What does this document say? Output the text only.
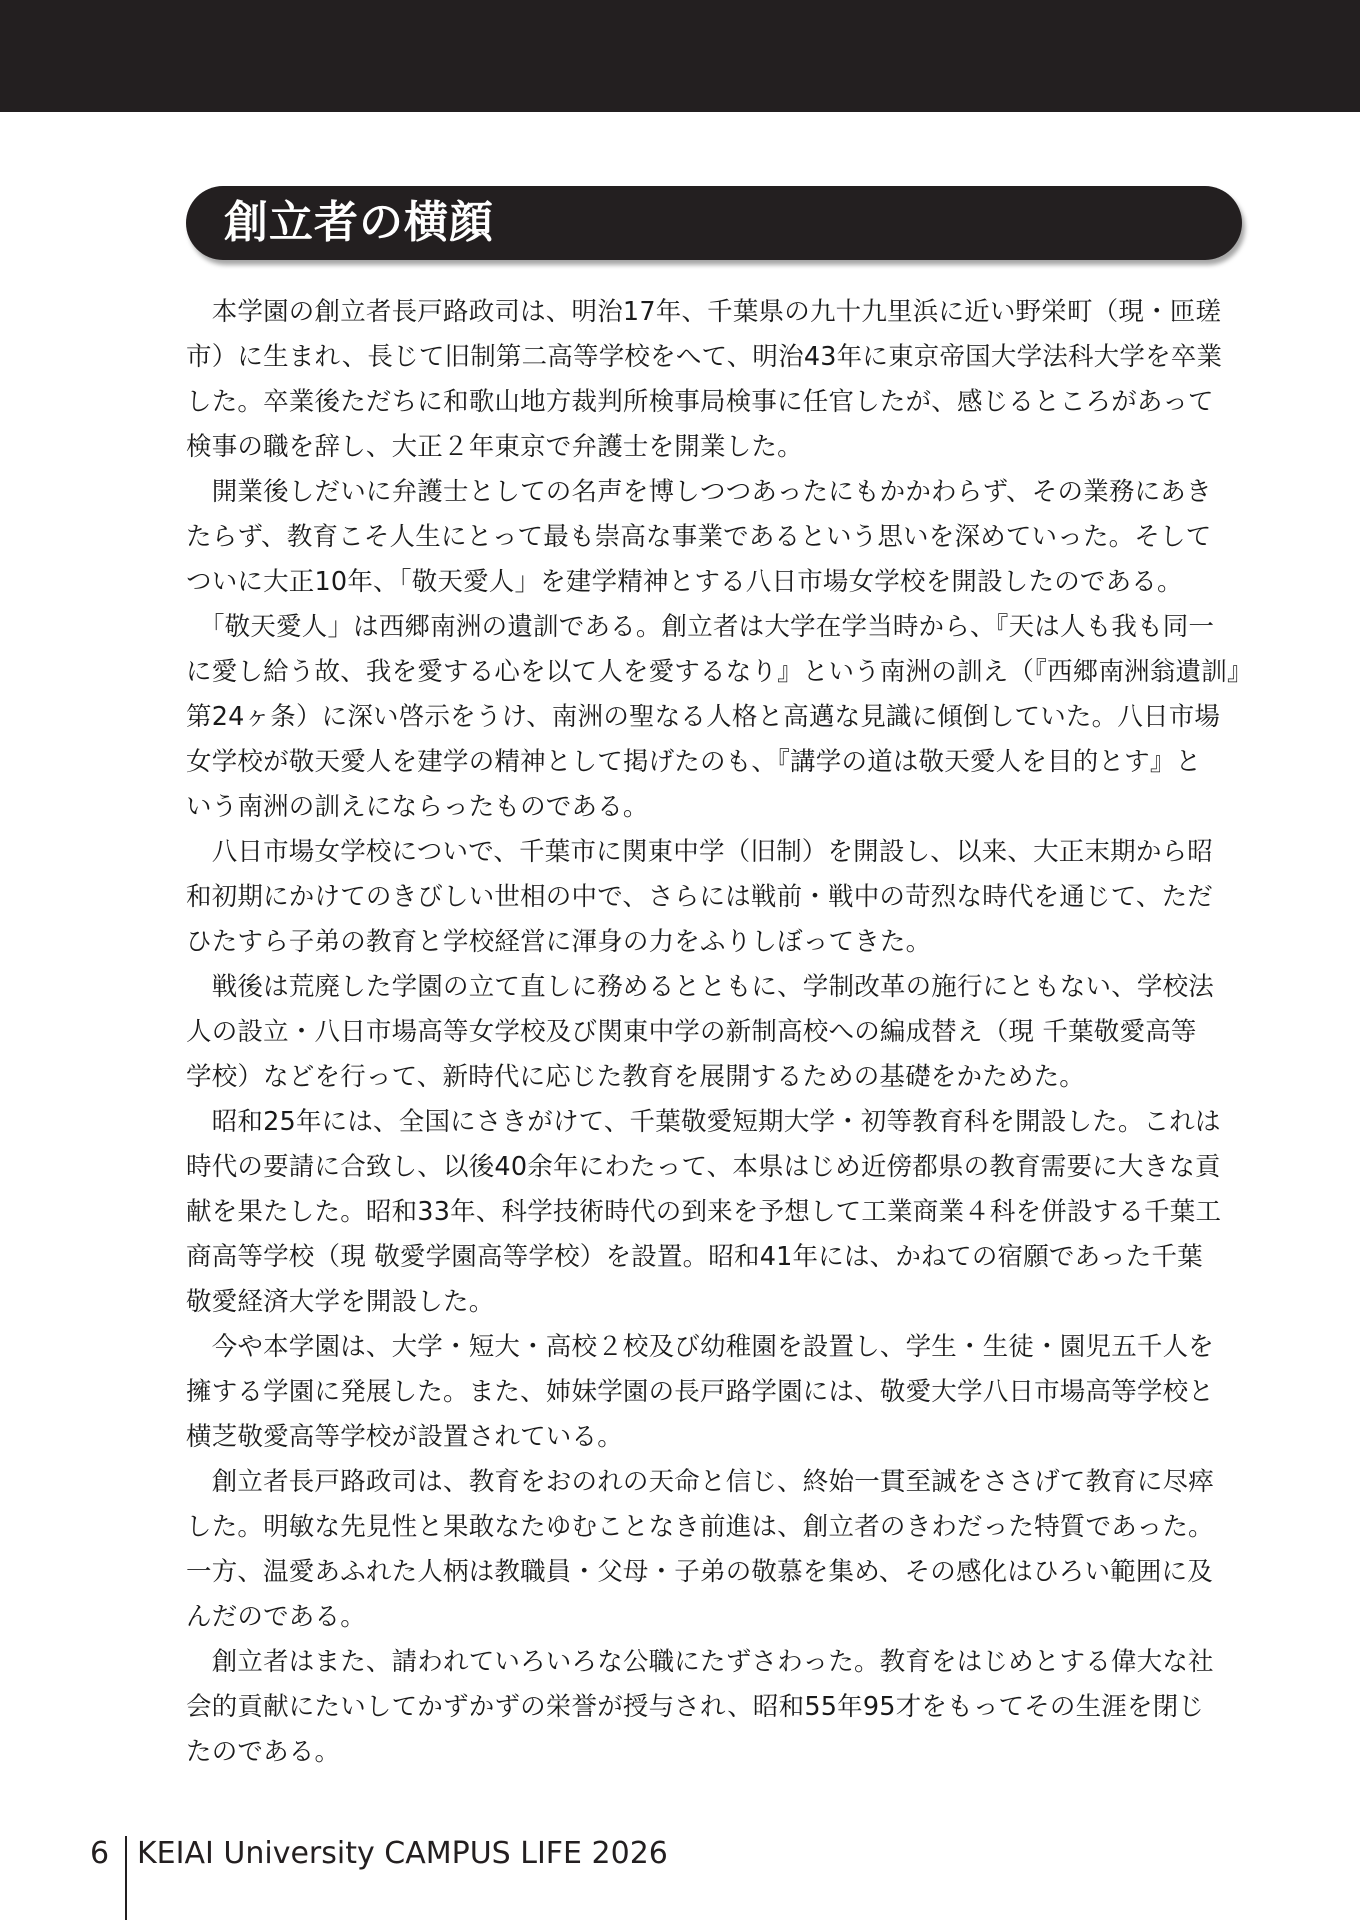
創立者の横顔
　本学園の創立者長戸路政司は、明治17年、千葉県の九十九里浜に近い野栄町（現・匝瑳
市）に生まれ、長じて旧制第二高等学校をへて、明治43年に東京帝国大学法科大学を卒業
した。卒業後ただちに和歌山地方裁判所検事局検事に任官したが、感じるところがあって
検事の職を辞し、大正２年東京で弁護士を開業した。
　開業後しだいに弁護士としての名声を博しつつあったにもかかわらず、その業務にあき
たらず、教育こそ人生にとって最も崇高な事業であるという思いを深めていった。そして
ついに大正10年、「敬天愛人」を建学精神とする八日市場女学校を開設したのである。
　「敬天愛人」は西郷南洲の遺訓である。創立者は大学在学当時から、『天は人も我も同一
に愛し給う故、我を愛する心を以て人を愛するなり』という南洲の訓え（『西郷南洲翁遺訓』
第24ヶ条）に深い啓示をうけ、南洲の聖なる人格と高邁な見識に傾倒していた。八日市場
女学校が敬天愛人を建学の精神として掲げたのも、『講学の道は敬天愛人を目的とす』と
いう南洲の訓えにならったものである。
　八日市場女学校についで、千葉市に関東中学（旧制）を開設し、以来、大正末期から昭
和初期にかけてのきびしい世相の中で、さらには戦前・戦中の苛烈な時代を通じて、ただ
ひたすら子弟の教育と学校経営に渾身の力をふりしぼってきた。
　戦後は荒廃した学園の立て直しに務めるとともに、学制改革の施行にともない、学校法
人の設立・八日市場高等女学校及び関東中学の新制高校への編成替え（現 千葉敬愛高等
学校）などを行って、新時代に応じた教育を展開するための基礎をかためた。
　昭和25年には、全国にさきがけて、千葉敬愛短期大学・初等教育科を開設した。これは
時代の要請に合致し、以後40余年にわたって、本県はじめ近傍都県の教育需要に大きな貢
献を果たした。昭和33年、科学技術時代の到来を予想して工業商業４科を併設する千葉工
商高等学校（現 敬愛学園高等学校）を設置。昭和41年には、かねての宿願であった千葉
敬愛経済大学を開設した。
　今や本学園は、大学・短大・高校２校及び幼稚園を設置し、学生・生徒・園児五千人を
擁する学園に発展した。また、姉妹学園の長戸路学園には、敬愛大学八日市場高等学校と
横芝敬愛高等学校が設置されている。
　創立者長戸路政司は、教育をおのれの天命と信じ、終始一貫至誠をささげて教育に尽瘁
した。明敏な先見性と果敢なたゆむことなき前進は、創立者のきわだった特質であった。
一方、温愛あふれた人柄は教職員・父母・子弟の敬慕を集め、その感化はひろい範囲に及
んだのである。
　創立者はまた、請われていろいろな公職にたずさわった。教育をはじめとする偉大な社
会的貢献にたいしてかずかずの栄誉が授与され、昭和55年95才をもってその生涯を閉じ
たのである。
6 KEIAI University CAMPUS LIFE 2026
